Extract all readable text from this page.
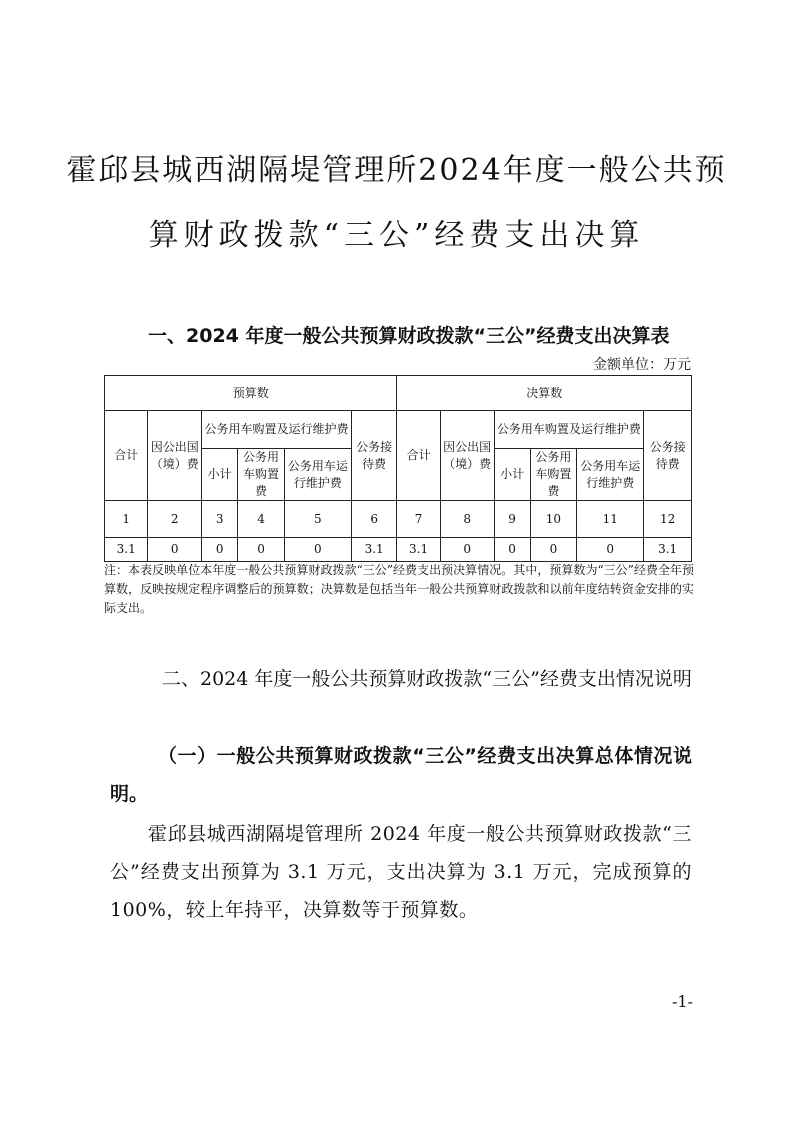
霍邱县城西湖隔堤管理所2024年度一般公共预
算财政拨款“三公”经费支出决算
一、2024 年度一般公共预算财政拨款“三公”经费支出决算表
金额单位：万元
预算数						决算数					
合计	因公出国（境）费	公务用车购置及运行维护费			公务接待费	合计	因公出国（境）费	公务用车购置及运行维护费			公务接待费
		小计	公务用车购置费	公务用车运行维护费				小计	公务用车购置费	公务用车运行维护费	
1	2	3	4	5	6	7	8	9	10	11	12
3.1	0	0	0	0	3.1	3.1	0	0	0	0	3.1
注：本表反映单位本年度一般公共预算财政拨款“三公”经费支出预决算情况。其中，预算数为“三公”经费全年预算数，反映按规定程序调整后的预算数；决算数是包括当年一般公共预算财政拨款和以前年度结转资金安排的实际支出。
二、2024 年度一般公共预算财政拨款“三公”经费支出情况说明
（一）一般公共预算财政拨款“三公”经费支出决算总体情况说明。
霍邱县城西湖隔堤管理所 2024 年度一般公共预算财政拨款“三公”经费支出预算为 3.1 万元，支出决算为 3.1 万元，完成预算的 100%，较上年持平，决算数等于预算数。
-1-
